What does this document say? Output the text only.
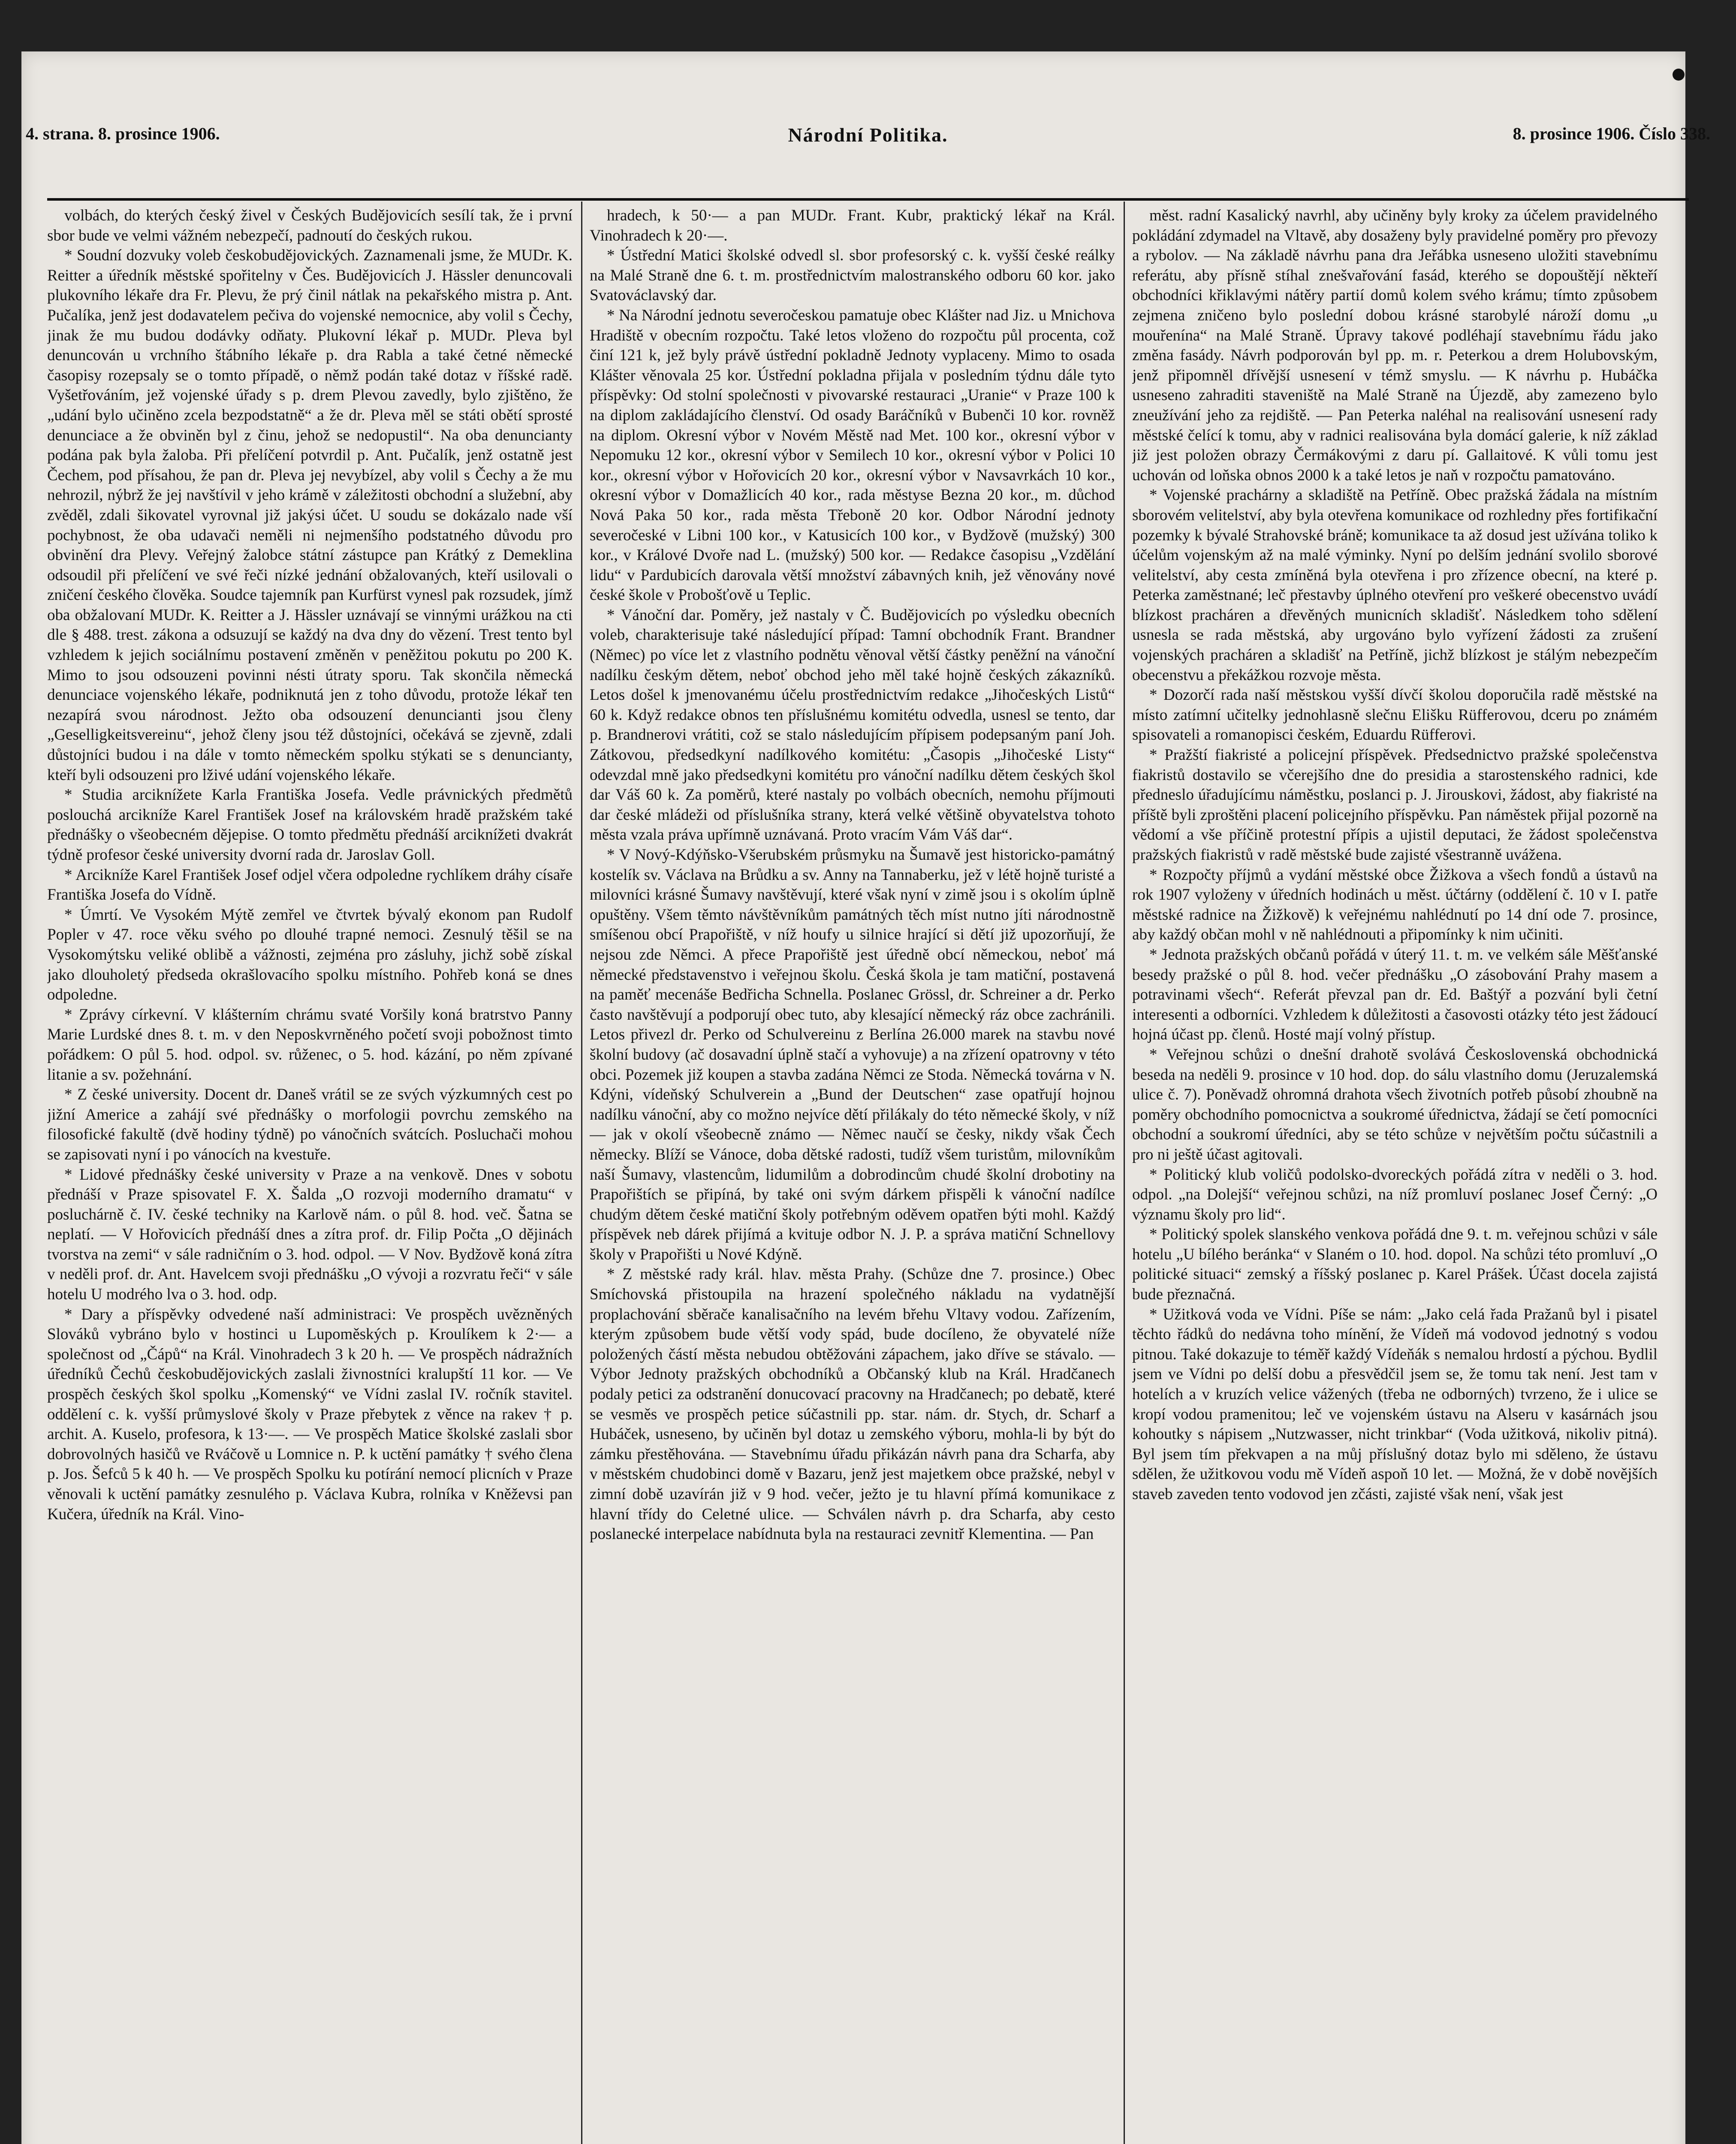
4. strana. 8. prosince 1906.	Národní Politika.	8. prosince 1906. Číslo 338.

volbách, do kterých český živel v Českých Budějovicích sesílí tak, že i první sbor bude ve velmi vážném nebezpečí, padnoutí do českých rukou.

* Soudní dozvuky voleb českobudějovických. Zaznamenali jsme, že MUDr. K. Reitter a úředník městské spořitelny v Čes. Budějovicích J. Hässler denuncovali plukovního lékaře dra Fr. Plevu, že prý činil nátlak na pekařského mistra p. Ant. Pučalíka, jenž jest dodavatelem pečiva do vojenské nemocnice, aby volil s Čechy, jinak že mu budou dodávky odňaty. Plukovní lékař p. MUDr. Pleva byl denuncován u vrchního štábního lékaře p. dra Rabla a také četné německé časopisy rozepsaly se o tomto případě, o němž podán také dotaz v říšské radě. Vyšetřováním, jež vojenské úřady s p. drem Plevou zavedly, bylo zjištěno, že „udání bylo učiněno zcela bezpodstatně“ a že dr. Pleva měl se státi obětí sprosté denunciace a že obviněn byl z činu, jehož se nedopustil“. Na oba denuncianty podána pak byla žaloba. Při přelíčení potvrdil p. Ant. Pučalík, jenž ostatně jest Čechem, pod přísahou, že pan dr. Pleva jej nevybízel, aby volil s Čechy a že mu nehrozil, nýbrž že jej navštívil v jeho krámě v záležitosti obchodní a služební, aby zvěděl, zdali šikovatel vyrovnal již jakýsi účet. U soudu se dokázalo nade vší pochybnost, že oba udavači neměli ni nejmenšího podstatného důvodu pro obvinění dra Plevy. Veřejný žalobce státní zástupce pan Krátký z Demeklina odsoudil při přelíčení ve své řeči nízké jednání obžalovaných, kteří usilovali o zničení českého člověka. Soudce tajemník pan Kurfürst vynesl pak rozsudek, jímž oba obžalovaní MUDr. K. Reitter a J. Hässler uznávají se vinnými urážkou na cti dle § 488. trest. zákona a odsuzují se každý na dva dny do vězení. Trest tento byl vzhledem k jejich sociálnímu postavení změněn v peněžitou pokutu po 200 K. Mimo to jsou odsouzeni povinni nésti útraty sporu. Tak skončila německá denunciace vojenského lékaře, podniknutá jen z toho důvodu, protože lékař ten nezapírá svou národnost. Ježto oba odsouzení denuncianti jsou členy „Geselligkeitsvereinu“, jehož členy jsou též důstojníci, očekává se zjevně, zdali důstojníci budou i na dále v tomto německém spolku stýkati se s denuncianty, kteří byli odsouzeni pro lživé udání vojenského lékaře.

* Studia arciknížete Karla Františka Josefa. Vedle právnických předmětů poslouchá arcikníže Karel František Josef na královském hradě pražském také přednášky o všeobecném dějepise. O tomto předmětu přednáší arciknížeti dvakrát týdně profesor české university dvorní rada dr. Jaroslav Goll.

* Arcikníže Karel František Josef odjel včera odpoledne rychlíkem dráhy císaře Františka Josefa do Vídně.

* Úmrtí. Ve Vysokém Mýtě zemřel ve čtvrtek bývalý ekonom pan Rudolf Popler v 47. roce věku svého po dlouhé trapné nemoci. Zesnulý těšil se na Vysokomýtsku veliké oblibě a vážnosti, zejména pro zásluhy, jichž sobě získal jako dlouholetý předseda okrašlovacího spolku místního. Pohřeb koná se dnes odpoledne.

* Zprávy církevní. V klášterním chrámu svaté Voršily koná bratrstvo Panny Marie Lurdské dnes 8. t. m. v den Neposkvrněného početí svoji pobožnost timto pořádkem: O půl 5. hod. odpol. sv. růženec, o 5. hod. kázání, po něm zpívané litanie a sv. požehnání.

* Z české university. Docent dr. Daneš vrátil se ze svých výzkumných cest po jižní Americe a zahájí své přednášky o morfologii povrchu zemského na filosofické fakultě (dvě hodiny týdně) po vánočních svátcích. Posluchači mohou se zapisovati nyní i po vánocích na kvestuře.

* Lidové přednášky české university v Praze a na venkově. Dnes v sobotu přednáší v Praze spisovatel F. X. Šalda „O rozvoji moderního dramatu“ v posluchárně č. IV. české techniky na Karlově nám. o půl 8. hod. več. Šatna se neplatí. — V Hořovicích přednáší dnes a zítra prof. dr. Filip Počta „O dějinách tvorstva na zemi“ v sále radničním o 3. hod. odpol. — V Nov. Bydžově koná zítra v neděli prof. dr. Ant. Havelcem svoji přednášku „O vývoji a rozvratu řeči“ v sále hotelu U modrého lva o 3. hod. odp.

* Dary a příspěvky odvedené naší administraci: Ve prospěch uvězněných Slováků vybráno bylo v hostinci u Lupoměských p. Kroulíkem k 2·— a společnost od „Čápů“ na Král. Vinohradech 3 k 20 h. — Ve prospěch nádražních úředníků Čechů českobudějovických zaslali živnostníci kralupští 11 kor. — Ve prospěch českých škol spolku „Komenský“ ve Vídni zaslal IV. ročník stavitel. oddělení c. k. vyšší průmyslové školy v Praze přebytek z věnce na rakev † p. archit. A. Kuselo, profesora, k 13·—. — Ve prospěch Matice školské zaslali sbor dobrovolných hasičů ve Rváčově u Lomnice n. P. k uctění památky † svého člena p. Jos. Šefců 5 k 40 h. — Ve prospěch Spolku ku potírání nemocí plicních v Praze věnovali k uctění památky zesnulého p. Václava Kubra, rolníka v Kněževsi pan Kučera, úředník na Král. Vino-

hradech, k 50·— a pan MUDr. Frant. Kubr, praktický lékař na Král. Vinohradech k 20·—.

* Ústřední Matici školské odvedl sl. sbor profesorský c. k. vyšší české reálky na Malé Straně dne 6. t. m. prostřednictvím malostranského odboru 60 kor. jako Svatováclavský dar.

* Na Národní jednotu severočeskou pamatuje obec Klášter nad Jiz. u Mnichova Hradiště v obecním rozpočtu. Také letos vloženo do rozpočtu půl procenta, což činí 121 k, jež byly právě ústřední pokladně Jednoty vyplaceny. Mimo to osada Klášter věnovala 25 kor. Ústřední pokladna přijala v posledním týdnu dále tyto příspěvky: Od stolní společnosti v pivovarské restauraci „Uranie“ v Praze 100 k na diplom zakládajícího členství. Od osady Baráčníků v Bubenči 10 kor. rovněž na diplom. Okresní výbor v Novém Městě nad Met. 100 kor., okresní výbor v Nepomuku 12 kor., okresní výbor v Semilech 10 kor., okresní výbor v Polici 10 kor., okresní výbor v Hořovicích 20 kor., okresní výbor v Navsavrkách 10 kor., okresní výbor v Domažlicích 40 kor., rada městyse Bezna 20 kor., m. důchod Nová Paka 50 kor., rada města Třeboně 20 kor. Odbor Národní jednoty severočeské v Libni 100 kor., v Katusicích 100 kor., v Bydžově (mužský) 300 kor., v Králové Dvoře nad L. (mužský) 500 kor. — Redakce časopisu „Vzdělání lidu“ v Pardubicích darovala větší množství zábavných knih, jež věnovány nové české škole v Probošťově u Teplic.

* Vánoční dar. Poměry, jež nastaly v Č. Budějovicích po výsledku obecních voleb, charakterisuje také následující případ: Tamní obchodník Frant. Brandner (Němec) po více let z vlastního podnětu věnoval větší částky peněžní na vánoční nadílku českým dětem, neboť obchod jeho měl také hojně českých zákazníků. Letos došel k jmenovanému účelu prostřednictvím redakce „Jihočeských Listů“ 60 k. Když redakce obnos ten příslušnému komitétu odvedla, usnesl se tento, dar p. Brandnerovi vrátiti, což se stalo následujícím přípisem podepsaným paní Joh. Zátkovou, předsedkyní nadílkového komitétu: „Časopis „Jihočeské Listy“ odevzdal mně jako předsedkyni komitétu pro vánoční nadílku dětem českých škol dar Váš 60 k. Za poměrů, které nastaly po volbách obecních, nemohu příjmouti dar české mládeži od příslušníka strany, která velké většině obyvatelstva tohoto města vzala práva upřímně uznávaná. Proto vracím Vám Váš dar“.

* V Nový-Kdýňsko-Všerubském průsmyku na Šumavě jest historicko-památný kostelík sv. Václava na Brůdku a sv. Anny na Tannaberku, jež v létě hojně turisté a milovníci krásné Šumavy navštěvují, které však nyní v zimě jsou i s okolím úplně opuštěny. Všem těmto návštěvníkům památných těch míst nutno jíti národnostně smíšenou obcí Prapořiště, v níž houfy u silnice hrající si dětí již upozorňují, že nejsou zde Němci. A přece Prapořiště jest úředně obcí německou, neboť má německé představenstvo i veřejnou školu. Česká škola je tam matiční, postavená na paměť mecenáše Bedřicha Schnella. Poslanec Grössl, dr. Schreiner a dr. Perko často navštěvují a podporují obec tuto, aby klesající německý ráz obce zachránili. Letos přivezl dr. Perko od Schulvereinu z Berlína 26.000 marek na stavbu nové školní budovy (ač dosavadní úplně stačí a vyhovuje) a na zřízení opatrovny v této obci. Pozemek již koupen a stavba zadána Němci ze Stoda. Německá továrna v N. Kdýni, vídeňský Schulverein a „Bund der Deutschen“ zase opatřují hojnou nadílku vánoční, aby co možno nejvíce dětí přilákaly do této německé školy, v níž — jak v okolí všeobecně známo — Němec naučí se česky, nikdy však Čech německy. Blíží se Vánoce, doba dětské radosti, tudíž všem turistům, milovníkům naší Šumavy, vlastencům, lidumilům a dobrodincům chudé školní drobotiny na Prapořištích se připíná, by také oni svým dárkem přispěli k vánoční nadílce chudým dětem české matiční školy potřebným oděvem opatřen býti mohl. Každý příspěvek neb dárek přijímá a kvituje odbor N. J. P. a správa matiční Schnellovy školy v Prapořišti u Nové Kdýně.

* Z městské rady král. hlav. města Prahy. (Schůze dne 7. prosince.) Obec Smíchovská přistoupila na hrazení společného nákladu na vydatnější proplachování sběrače kanalisačního na levém břehu Vltavy vodou. Zařízením, kterým způsobem bude větší vody spád, bude docíleno, že obyvatelé níže položených částí města nebudou obtěžováni zápachem, jako dříve se stávalo. — Výbor Jednoty pražských obchodníků a Občanský klub na Král. Hradčanech podaly petici za odstranění donucovací pracovny na Hradčanech; po debatě, které se vesměs ve prospěch petice súčastnili pp. star. nám. dr. Stych, dr. Scharf a Hubáček, usneseno, by učiněn byl dotaz u zemského výboru, mohla-li by být do zámku přestěhována. — Stavebnímu úřadu přikázán návrh pana dra Scharfa, aby v městském chudobinci domě v Bazaru, jenž jest majetkem obce pražské, nebyl v zimní době uzavírán již v 9 hod. večer, ježto je tu hlavní přímá komunikace z hlavní třídy do Celetné ulice. — Schválen návrh p. dra Scharfa, aby cesto poslanecké interpelace nabídnuta byla na restauraci zevnitř Klementina. — Pan

měst. radní Kasalický navrhl, aby učiněny byly kroky za účelem pravidelného pokládání zdymadel na Vltavě, aby dosaženy byly pravidelné poměry pro převozy a rybolov. — Na základě návrhu pana dra Jeřábka usneseno uložiti stavebnímu referátu, aby přísně stíhal znešvařování fasád, kterého se dopouštějí někteří obchodníci křiklavými nátěry partií domů kolem svého krámu; tímto způsobem zejmena zničeno bylo poslední dobou krásné starobylé nároží domu „u mouřenína“ na Malé Straně. Úpravy takové podléhají stavebnímu řádu jako změna fasády. Návrh podporován byl pp. m. r. Peterkou a drem Holubovským, jenž připomněl dřívější usnesení v témž smyslu. — K návrhu p. Hubáčka usneseno zahraditi staveniště na Malé Straně na Újezdě, aby zamezeno bylo zneužívání jeho za rejdiště. — Pan Peterka naléhal na realisování usnesení rady městské čelící k tomu, aby v radnici realisována byla domácí galerie, k níž základ již jest položen obrazy Čermákovými z daru pí. Gallaitové. K vůli tomu jest uchován od loňska obnos 2000 k a také letos je naň v rozpočtu pamatováno.

* Vojenské prachárny a skladiště na Petříně. Obec pražská žádala na místním sborovém velitelství, aby byla otevřena komunikace od rozhledny přes fortifikační pozemky k bývalé Strahovské bráně; komunikace ta až dosud jest užívána toliko k účelům vojenským až na malé výminky. Nyní po delším jednání svolilo sborové velitelství, aby cesta zmíněná byla otevřena i pro zřízence obecní, na které p. Peterka zaměstnané; leč přestavby úplného otevření pro veškeré obecenstvo uvádí blízkost pracháren a dřevěných municních skladišť. Následkem toho sdělení usnesla se rada městská, aby urgováno bylo vyřízení žádosti za zrušení vojenských pracháren a skladišť na Petříně, jichž blízkost je stálým nebezpečím obecenstvu a překážkou rozvoje města.

* Dozorčí rada naší městskou vyšší dívčí školou doporučila radě městské na místo zatímní učitelky jednohlasně slečnu Elišku Rüfferovou, dceru po známém spisovateli a romanopisci českém, Eduardu Rüfferovi.

* Pražští fiakristé a policejní příspěvek. Předsednictvo pražské společenstva fiakristů dostavilo se včerejšího dne do presidia a starostenského radnici, kde předneslo úřadujícímu náměstku, poslanci p. J. Jirouskovi, žádost, aby fiakristé na příště byli zproštěni placení policejního příspěvku. Pan náměstek přijal pozorně na vědomí a vše příčině protestní přípis a ujistil deputaci, že žádost společenstva pražských fiakristů v radě městské bude zajisté všestranně uvážena.

* Rozpočty příjmů a vydání městské obce Žižkova a všech fondů a ústavů na rok 1907 vyloženy v úředních hodinách u měst. účtárny (oddělení č. 10 v I. patře městské radnice na Žižkově) k veřejnému nahlédnutí po 14 dní ode 7. prosince, aby každý občan mohl v ně nahlédnouti a připomínky k nim učiniti.

* Jednota pražských občanů pořádá v úterý 11. t. m. ve velkém sále Měšťanské besedy pražské o půl 8. hod. večer přednášku „O zásobování Prahy masem a potravinami všech“. Referát převzal pan dr. Ed. Baštýř a pozvání byli četní interesenti a odborníci. Vzhledem k důležitosti a časovosti otázky této jest žádoucí hojná účast pp. členů. Hosté mají volný přístup.

* Veřejnou schůzi o dnešní drahotě svolává Československá obchodnická beseda na neděli 9. prosince v 10 hod. dop. do sálu vlastního domu (Jeruzalemská ulice č. 7). Poněvadž ohromná drahota všech životních potřeb působí zhoubně na poměry obchodního pomocnictva a soukromé úřednictva, žádají se četí pomocníci obchodní a soukromí úředníci, aby se této schůze v největším počtu súčastnili a pro ni ještě účast agitovali.

* Politický klub voličů podolsko-dvoreckých pořádá zítra v neděli o 3. hod. odpol. „na Dolejší“ veřejnou schůzi, na níž promluví poslanec Josef Černý: „O významu školy pro lid“.

* Politický spolek slanského venkova pořádá dne 9. t. m. veřejnou schůzi v sále hotelu „U bílého beránka“ v Slaném o 10. hod. dopol. Na schůzi této promluví „O politické situaci“ zemský a říšský poslanec p. Karel Prášek. Účast docela zajistá bude přeznačná.

* Užitková voda ve Vídni. Píše se nám: „Jako celá řada Pražanů byl i pisatel těchto řádků do nedávna toho mínění, že Vídeň má vodovod jednotný s vodou pitnou. Také dokazuje to téměř každý Vídeňák s nemalou hrdostí a pýchou. Bydlil jsem ve Vídni po delší dobu a přesvědčil jsem se, že tomu tak není. Jest tam v hotelích a v kruzích velice vážených (třeba ne odborných) tvrzeno, že i ulice se kropí vodou pramenitou; leč ve vojenském ústavu na Alseru v kasárnách jsou kohoutky s nápisem „Nutzwasser, nicht trinkbar“ (Voda užitková, nikoliv pitná). Byl jsem tím překvapen a na můj příslušný dotaz bylo mi sděleno, že ústavu sdělen, že užitkovou vodu mě Vídeň aspoň 10 let. — Možná, že v době novějších staveb zaveden tento vodovod jen zčásti, zajisté však není, však jest
